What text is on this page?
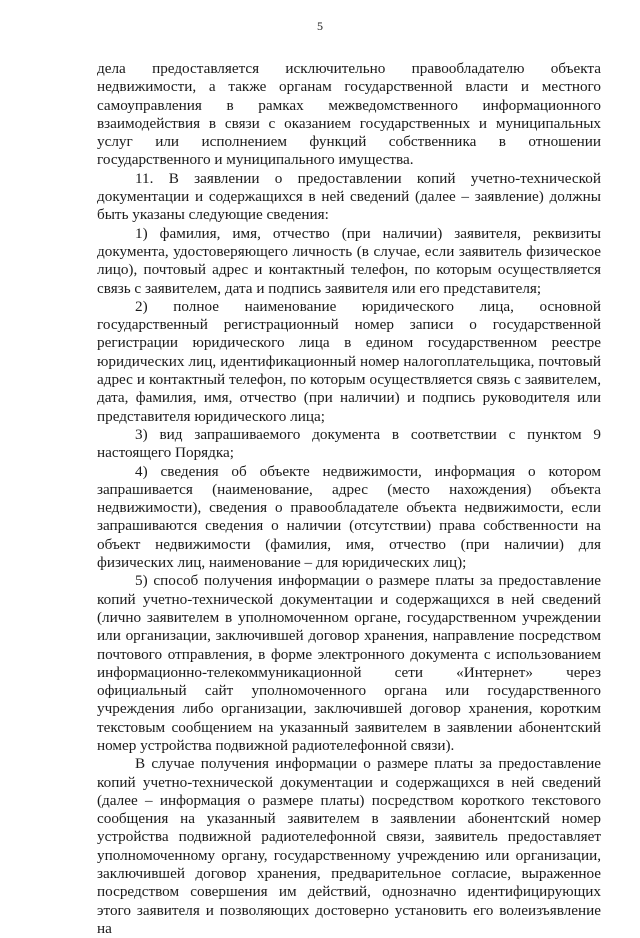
5

дела предоставляется исключительно правообладателю объекта недвижимости, а также органам государственной власти и местного самоуправления в рамках межведомственного информационного взаимодействия в связи с оказанием государственных и муниципальных услуг или исполнением функций собственника в отношении государственного и муниципального имущества.

11. В заявлении о предоставлении копий учетно-технической документации и содержащихся в ней сведений (далее – заявление) должны быть указаны следующие сведения:

1) фамилия, имя, отчество (при наличии) заявителя, реквизиты документа, удостоверяющего личность (в случае, если заявитель физическое лицо), почтовый адрес и контактный телефон, по которым осуществляется связь с заявителем, дата и подпись заявителя или его представителя;

2) полное наименование юридического лица, основной государственный регистрационный номер записи о государственной регистрации юридического лица в едином государственном реестре юридических лиц, идентификационный номер налогоплательщика, почтовый адрес и контактный телефон, по которым осуществляется связь с заявителем, дата, фамилия, имя, отчество (при наличии) и подпись руководителя или представителя юридического лица;

3) вид запрашиваемого документа в соответствии с пунктом 9 настоящего Порядка;

4) сведения об объекте недвижимости, информация о котором запрашивается (наименование, адрес (место нахождения) объекта недвижимости), сведения о правообладателе объекта недвижимости, если запрашиваются сведения о наличии (отсутствии) права собственности на объект недвижимости (фамилия, имя, отчество (при наличии) для физических лиц, наименование – для юридических лиц);

5) способ получения информации о размере платы за предоставление копий учетно-технической документации и содержащихся в ней сведений (лично заявителем в уполномоченном органе, государственном учреждении или организации, заключившей договор хранения, направление посредством почтового отправления, в форме электронного документа с использованием информационно-телекоммуникационной сети «Интернет» через официальный сайт уполномоченного органа или государственного учреждения либо организации, заключившей договор хранения, коротким текстовым сообщением на указанный заявителем в заявлении абонентский номер устройства подвижной радиотелефонной связи).

В случае получения информации о размере платы за предоставление копий учетно-технической документации и содержащихся в ней сведений (далее – информация о размере платы) посредством короткого текстового сообщения на указанный заявителем в заявлении абонентский номер устройства подвижной радиотелефонной связи, заявитель предоставляет уполномоченному органу, государственному учреждению или организации, заключившей договор хранения, предварительное согласие, выраженное посредством совершения им действий, однозначно идентифицирующих этого заявителя и позволяющих достоверно установить его волеизъявление на
